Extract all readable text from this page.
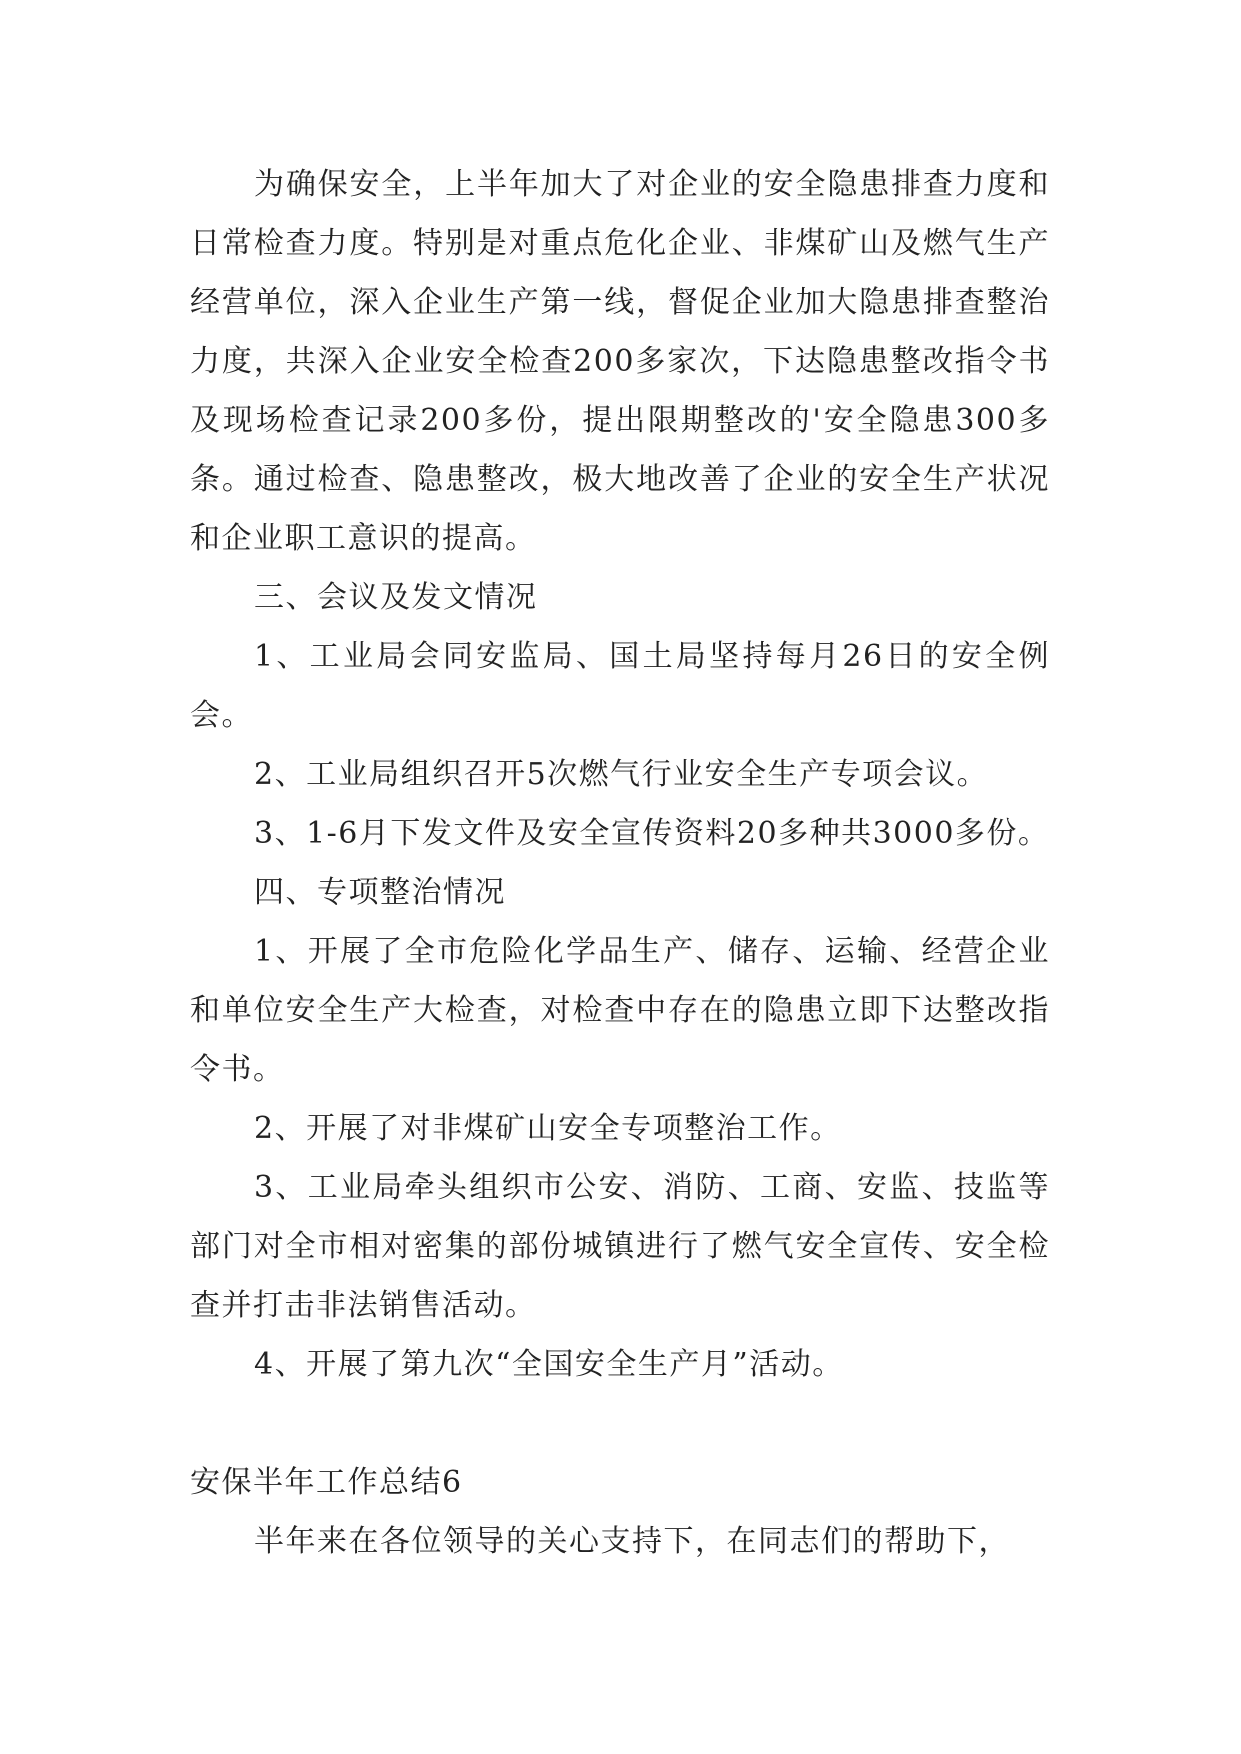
为确保安全，上半年加大了对企业的安全隐患排查力度和日常检查力度。特别是对重点危化企业、非煤矿山及燃气生产经营单位，深入企业生产第一线，督促企业加大隐患排查整治力度，共深入企业安全检查200多家次，下达隐患整改指令书及现场检查记录200多份，提出限期整改的'安全隐患300多条。通过检查、隐患整改，极大地改善了企业的安全生产状况和企业职工意识的提高。

三、会议及发文情况

1、工业局会同安监局、国土局坚持每月26日的安全例会。

2、工业局组织召开5次燃气行业安全生产专项会议。

3、1-6月下发文件及安全宣传资料20多种共3000多份。

四、专项整治情况

1、开展了全市危险化学品生产、储存、运输、经营企业和单位安全生产大检查，对检查中存在的隐患立即下达整改指令书。

2、开展了对非煤矿山安全专项整治工作。

3、工业局牵头组织市公安、消防、工商、安监、技监等部门对全市相对密集的部份城镇进行了燃气安全宣传、安全检查并打击非法销售活动。

4、开展了第九次“全国安全生产月”活动。

安保半年工作总结6

半年来在各位领导的关心支持下，在同志们的帮助下，
